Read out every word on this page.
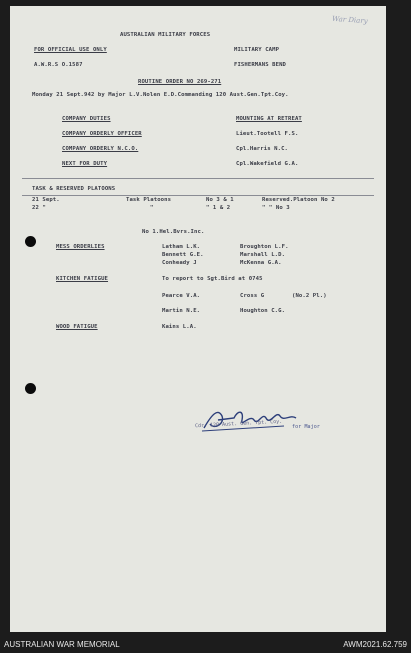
War Diary
AUSTRALIAN MILITARY FORCES
FOR OFFICIAL USE ONLY	MILITARY CAMP
A.W.R.S O.1587	FISHERMANS BEND
ROUTINE ORDER NO 269-271
Monday 21 Sept.942 by Major L.V.Nolen E.D.Commanding 120 Aust.Gen.Tpt.Coy.
COMPANY DUTIES	MOUNTING AT RETREAT
COMPANY ORDERLY OFFICER	Lieut.Tootell F.S.
COMPANY ORDERLY N.C.O.	Cpl.Harris N.C.
NEXT FOR DUTY	Cpl.Wakefield G.A.
TASK & RESERVED PLATOONS
21 Sept.	Task Platoons	No 3 & 1	Reserved.Platoon No 2
22 "	"	" 1 & 2	" " No 3
No 1.Hel.Bvrs.Inc.
MESS ORDERLIES	Latham L.K.	Broughton L.F.
Bennett G.E.	Marshall L.D.
Conheady J	McKenna G.A.
KITCHEN FATIGUE	To report to Sgt.Bird at 0745
Pearce V.A.	Cross G	(No.2 Pl.)
Martin N.E.	Houghton C.G.
WOOD FATIGUE	Kains L.A.
for Major
Cdr. 120 Aust. Gen. Tpt. Coy.
AUSTRALIAN WAR MEMORIAL	AWM2021.62.759
